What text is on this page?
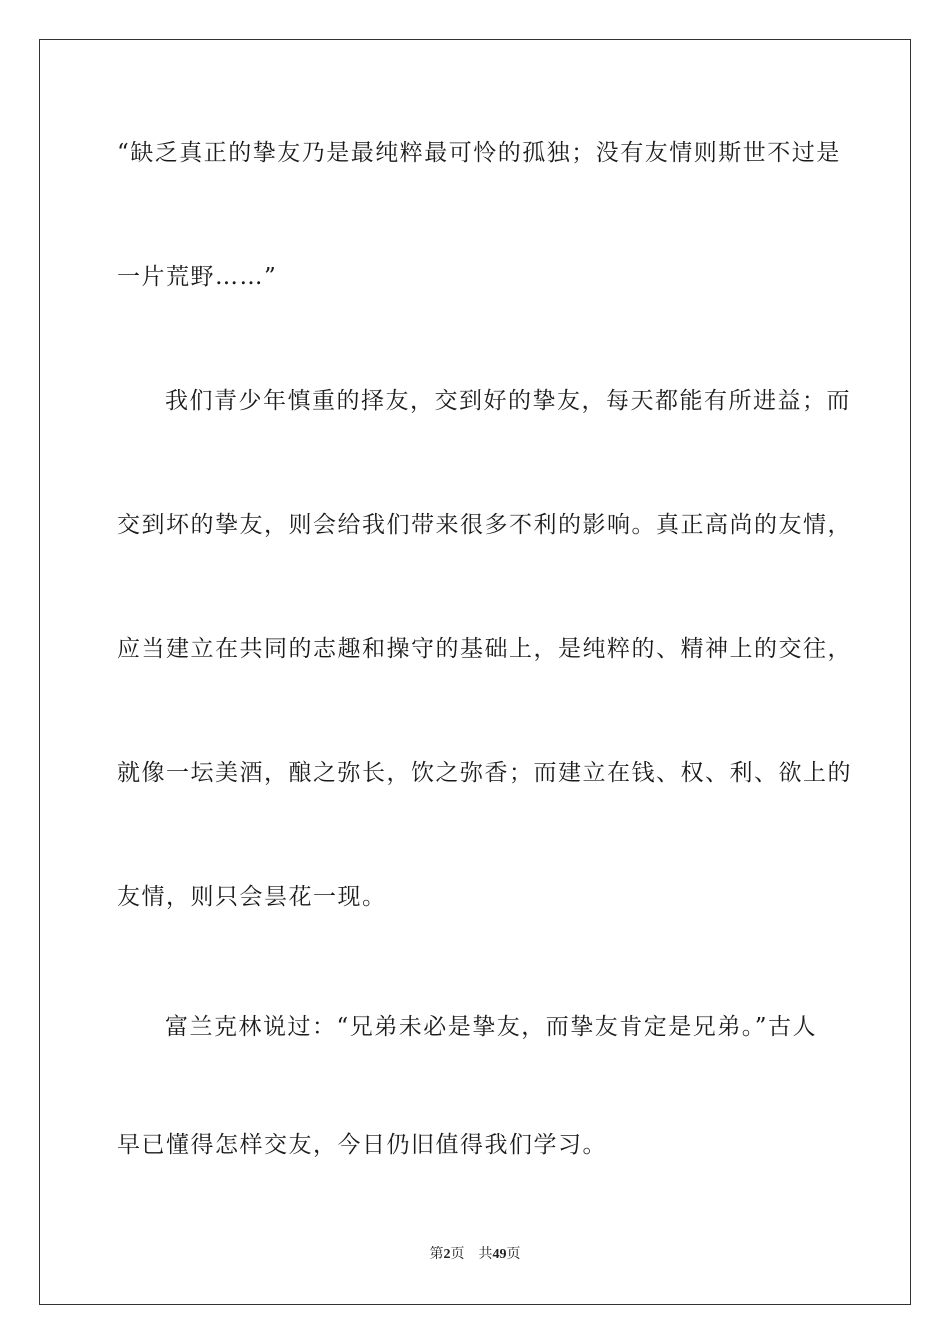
“缺乏真正的挚友乃是最纯粹最可怜的孤独；没有友情则斯世不过是
一片荒野……”
我们青少年慎重的择友，交到好的挚友，每天都能有所进益；而
交到坏的挚友，则会给我们带来很多不利的影响。真正高尚的友情，
应当建立在共同的志趣和操守的基础上，是纯粹的、精神上的交往，
就像一坛美酒，酿之弥长，饮之弥香；而建立在钱、权、利、欲上的
友情，则只会昙花一现。
富兰克林说过：“兄弟未必是挚友，而挚友肯定是兄弟。”古人
早已懂得怎样交友，今日仍旧值得我们学习。
第2页 共49页
